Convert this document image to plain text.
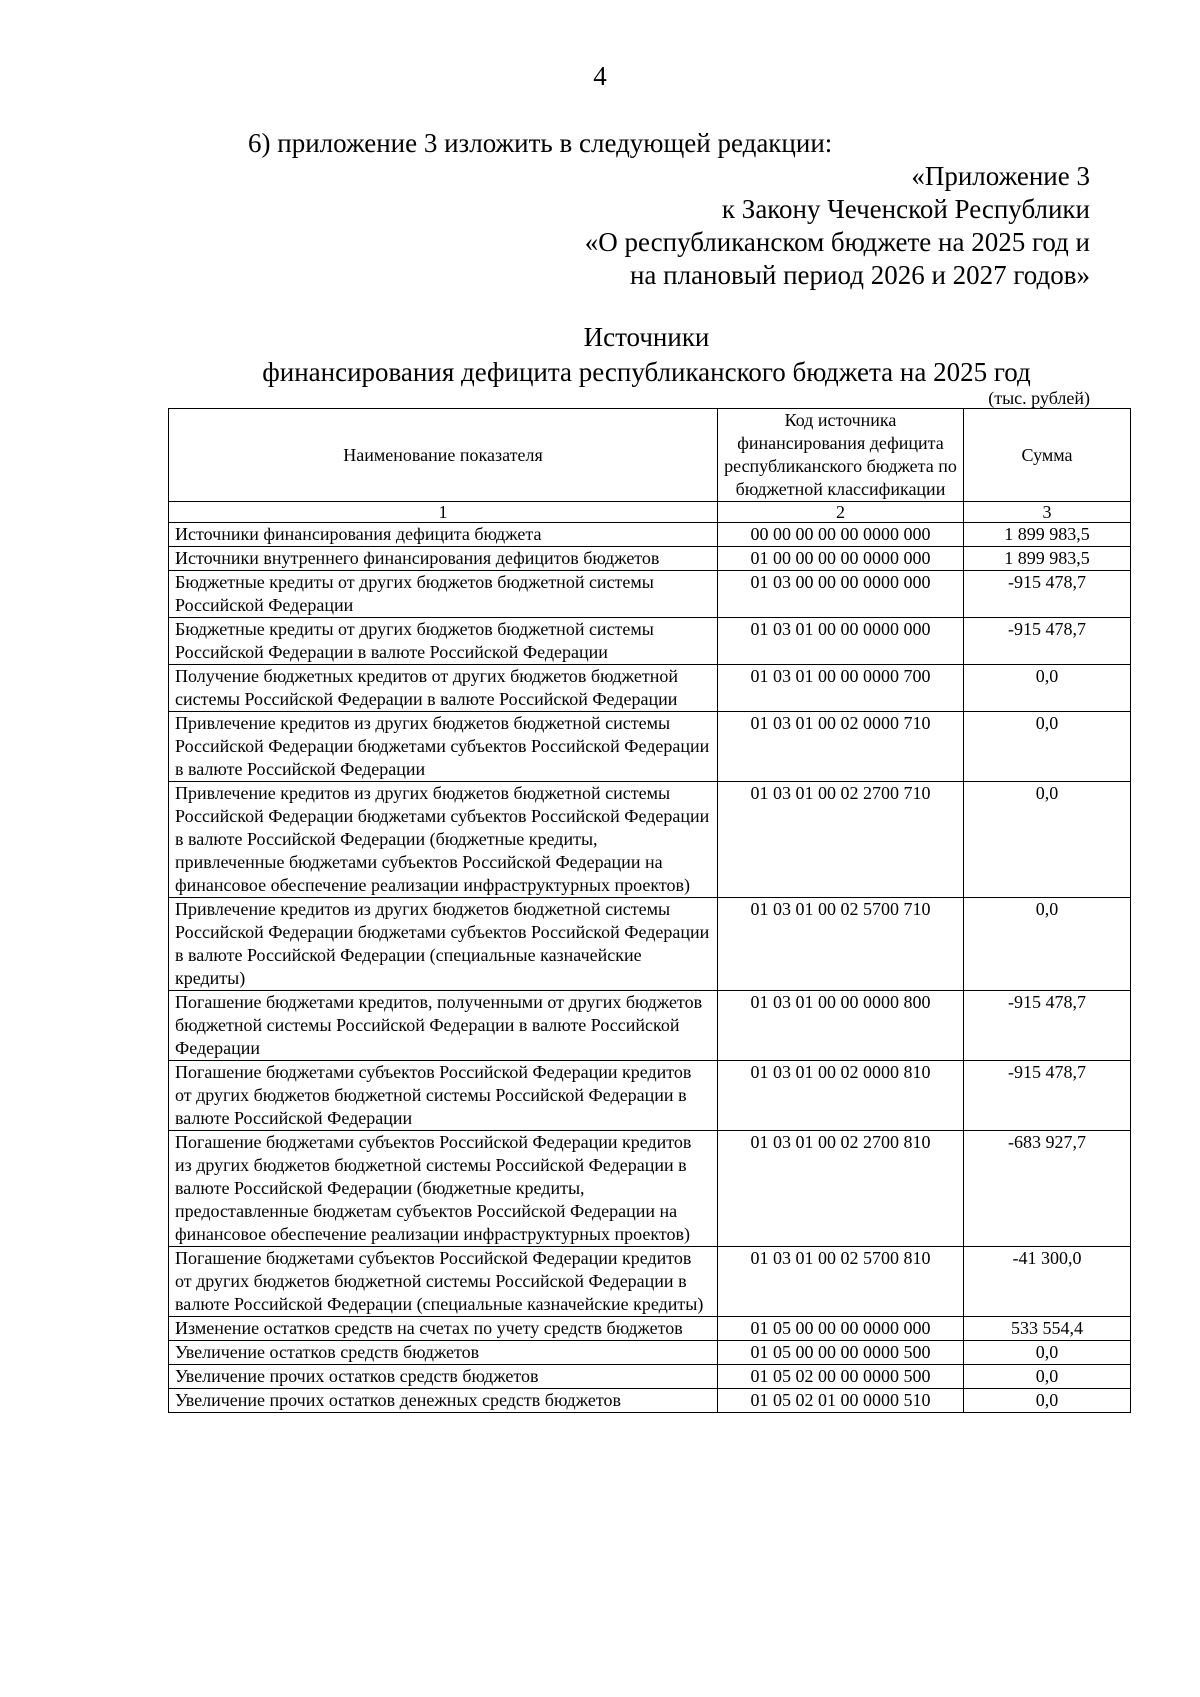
4
6) приложение 3 изложить в следующей редакции:
«Приложение 3
к Закону Чеченской Республики
«О республиканском бюджете на 2025 год и
на плановый период 2026 и 2027 годов»
Источники
финансирования дефицита республиканского бюджета на 2025 год
(тыс. рублей)
Наименование показателя	Код источника финансирования дефицита республиканского бюджета по бюджетной классификации	Сумма
1	2	3
Источники финансирования дефицита бюджета	00 00 00 00 00 0000 000	1 899 983,5
Источники внутреннего финансирования дефицитов бюджетов	01 00 00 00 00 0000 000	1 899 983,5
Бюджетные кредиты от других бюджетов бюджетной системы Российской Федерации	01 03 00 00 00 0000 000	-915 478,7
Бюджетные кредиты от других бюджетов бюджетной системы Российской Федерации в валюте Российской Федерации	01 03 01 00 00 0000 000	-915 478,7
Получение бюджетных кредитов от других бюджетов бюджетной системы Российской Федерации в валюте Российской Федерации	01 03 01 00 00 0000 700	0,0
Привлечение кредитов из других бюджетов бюджетной системы Российской Федерации бюджетами субъектов Российской Федерации в валюте Российской Федерации	01 03 01 00 02 0000 710	0,0
Привлечение кредитов из других бюджетов бюджетной системы Российской Федерации бюджетами субъектов Российской Федерации в валюте Российской Федерации (бюджетные кредиты, привлеченные бюджетами субъектов Российской Федерации на финансовое обеспечение реализации инфраструктурных проектов)	01 03 01 00 02 2700 710	0,0
Привлечение кредитов из других бюджетов бюджетной системы Российской Федерации бюджетами субъектов Российской Федерации в валюте Российской Федерации (специальные казначейские кредиты)	01 03 01 00 02 5700 710	0,0
Погашение бюджетами кредитов, полученными от других бюджетов бюджетной системы Российской Федерации в валюте Российской Федерации	01 03 01 00 00 0000 800	-915 478,7
Погашение бюджетами субъектов Российской Федерации кредитов от других бюджетов бюджетной системы Российской Федерации в валюте Российской Федерации	01 03 01 00 02 0000 810	-915 478,7
Погашение бюджетами субъектов Российской Федерации кредитов из других бюджетов бюджетной системы Российской Федерации в валюте Российской Федерации (бюджетные кредиты, предоставленные бюджетам субъектов Российской Федерации на финансовое обеспечение реализации инфраструктурных проектов)	01 03 01 00 02 2700 810	-683 927,7
Погашение бюджетами субъектов Российской Федерации кредитов от других бюджетов бюджетной системы Российской Федерации в валюте Российской Федерации (специальные казначейские кредиты)	01 03 01 00 02 5700 810	-41 300,0
Изменение остатков средств на счетах по учету средств бюджетов	01 05 00 00 00 0000 000	533 554,4
Увеличение остатков средств бюджетов	01 05 00 00 00 0000 500	0,0
Увеличение прочих остатков средств бюджетов	01 05 02 00 00 0000 500	0,0
Увеличение прочих остатков денежных средств бюджетов	01 05 02 01 00 0000 510	0,0
